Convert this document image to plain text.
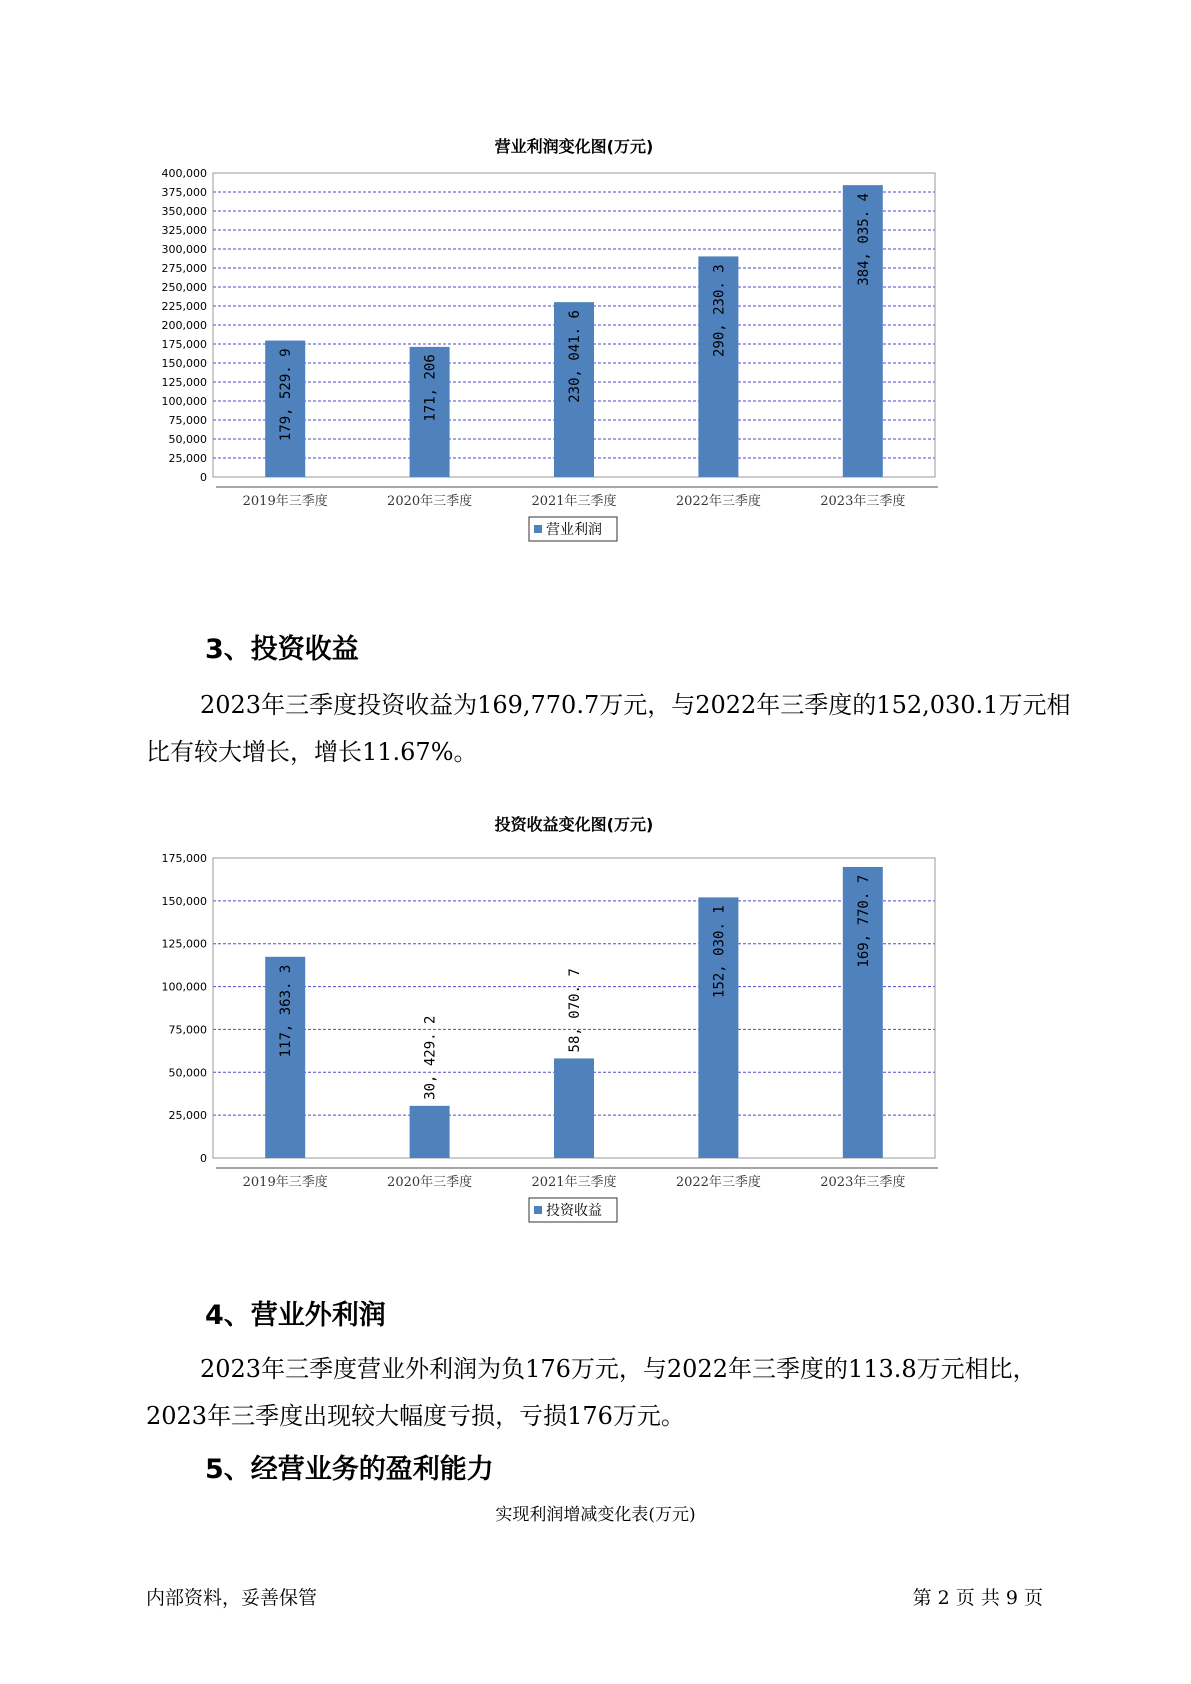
营业利润变化图(万元)
0
25,000
50,000
75,000
100,000
125,000
150,000
175,000
200,000
225,000
250,000
275,000
300,000
325,000
350,000
375,000
400,000
179, 529. 9
2019年三季度
171, 206
2020年三季度
230, 041. 6
2021年三季度
290, 230. 3
2022年三季度
384, 035. 4
2023年三季度
营业利润
3、投资收益

2023年三季度投资收益为169,770.7万元，与2022年三季度的152,030.1万元相比有较大增长，增长11.67%。

投资收益变化图(万元)
0
25,000
50,000
75,000
100,000
125,000
150,000
175,000
117, 363. 3
2019年三季度
30, 429. 2
2020年三季度
58, 070. 7
2021年三季度
152, 030. 1
2022年三季度
169, 770. 7
2023年三季度
投资收益
4、营业外利润

2023年三季度营业外利润为负176万元，与2022年三季度的113.8万元相比，2023年三季度出现较大幅度亏损，亏损176万元。

5、经营业务的盈利能力
实现利润增减变化表(万元)
内部资料，妥善保管	第 2 页 共 9 页
